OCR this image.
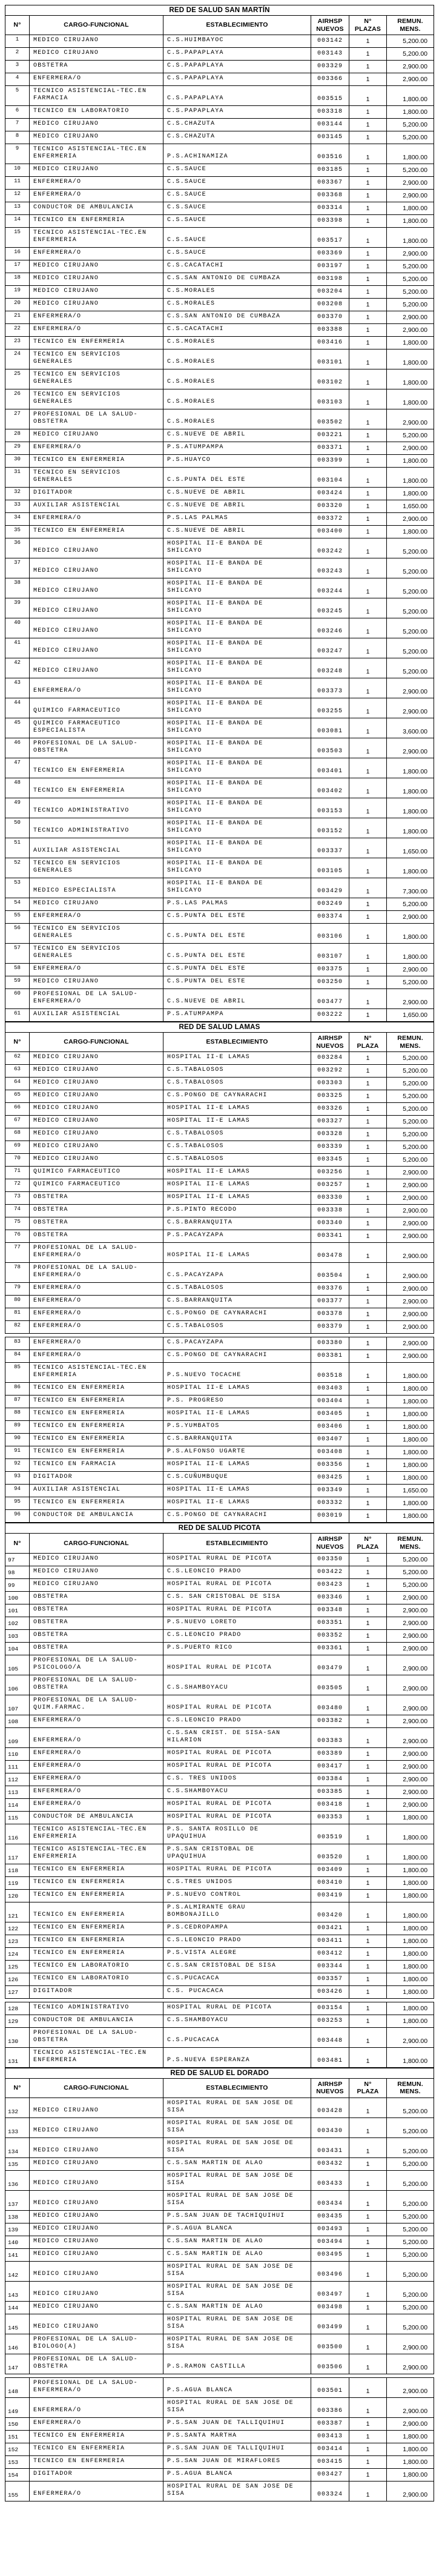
RED DE SALUD SAN MARTÍN					
N°	CARGO-FUNCIONAL	ESTABLECIMIENTO	AIRHSP
NUEVOS	N°
PLAZAS	REMUN.
MENS.
1	MEDICO CIRUJANO	C.S.HUIMBAYOC	003142	1	5,200.00
2	MEDICO CIRUJANO	C.S.PAPAPLAYA	003143	1	5,200.00
3	OBSTETRA	C.S.PAPAPLAYA	003329	1	2,900.00
4	ENFERMERA/O	C.S.PAPAPLAYA	003366	1	2,900.00
5	TECNICO ASISTENCIAL-TEC.EN FARMACIA	C.S.PAPAPLAYA	003515	1	1,800.00
6	TECNICO EN LABORATORIO	C.S.PAPAPLAYA	003318	1	1,800.00
7	MEDICO CIRUJANO	C.S.CHAZUTA	003144	1	5,200.00
8	MEDICO CIRUJANO	C.S.CHAZUTA	003145	1	5,200.00
9	TECNICO ASISTENCIAL-TEC.EN ENFERMERIA	P.S.ACHINAMIZA	003516	1	1,800.00
10	MEDICO CIRUJANO	C.S.SAUCE	003185	1	5,200.00
11	ENFERMERA/O	C.S.SAUCE	003367	1	2,900.00
12	ENFERMERA/O	C.S.SAUCE	003368	1	2,900.00
13	CONDUCTOR DE AMBULANCIA	C.S.SAUCE	003314	1	1,800.00
14	TECNICO EN ENFERMERIA	C.S.SAUCE	003398	1	1,800.00
15	TECNICO ASISTENCIAL-TEC.EN ENFERMERIA	C.S.SAUCE	003517	1	1,800.00
16	ENFERMERA/O	C.S.SAUCE	003369	1	2,900.00
17	MEDICO CIRUJANO	C.S.CACATACHI	003197	1	5,200.00
18	MEDICO CIRUJANO	C.S.SAN ANTONIO DE CUMBAZA	003198	1	5,200.00
19	MEDICO CIRUJANO	C.S.MORALES	003204	1	5,200.00
20	MEDICO CIRUJANO	C.S.MORALES	003208	1	5,200.00
21	ENFERMERA/O	C.S.SAN ANTONIO DE CUMBAZA	003370	1	2,900.00
22	ENFERMERA/O	C.S.CACATACHI	003388	1	2,900.00
23	TECNICO EN ENFERMERIA	C.S.MORALES	003416	1	1,800.00
24	TECNICO EN SERVICIOS GENERALES	C.S.MORALES	003101	1	1,800.00
25	TECNICO EN SERVICIOS GENERALES	C.S.MORALES	003102	1	1,800.00
26	TECNICO EN SERVICIOS GENERALES	C.S.MORALES	003103	1	1,800.00
27	PROFESIONAL DE LA SALUD-OBSTETRA	C.S.MORALES	003502	1	2,900.00
28	MEDICO CIRUJANO	C.S.NUEVE DE ABRIL	003221	1	5,200.00
29	ENFERMERA/O	P.S.ATUMPAMPA	003371	1	2,900.00
30	TECNICO EN ENFERMERIA	P.S.HUAYCO	003399	1	1,800.00
31	TECNICO EN SERVICIOS GENERALES	C.S.PUNTA DEL ESTE	003104	1	1,800.00
32	DIGITADOR	C.S.NUEVE DE ABRIL	003424	1	1,800.00
33	AUXILIAR ASISTENCIAL	C.S.NUEVE DE ABRIL	003320	1	1,650.00
34	ENFERMERA/O	P.S.LAS PALMAS	003372	1	2,900.00
35	TECNICO EN ENFERMERIA	C.S.NUEVE DE ABRIL	003400	1	1,800.00
36	MEDICO CIRUJANO	HOSPITAL II-E BANDA DE SHILCAYO	003242	1	5,200.00
37	MEDICO CIRUJANO	HOSPITAL II-E BANDA DE SHILCAYO	003243	1	5,200.00
38	MEDICO CIRUJANO	HOSPITAL II-E BANDA DE SHILCAYO	003244	1	5,200.00
39	MEDICO CIRUJANO	HOSPITAL II-E BANDA DE SHILCAYO	003245	1	5,200.00
40	MEDICO CIRUJANO	HOSPITAL II-E BANDA DE SHILCAYO	003246	1	5,200.00
41	MEDICO CIRUJANO	HOSPITAL II-E BANDA DE SHILCAYO	003247	1	5,200.00
42	MEDICO CIRUJANO	HOSPITAL II-E BANDA DE SHILCAYO	003248	1	5,200.00
43	ENFERMERA/O	HOSPITAL II-E BANDA DE SHILCAYO	003373	1	2,900.00
44	QUIMICO FARMACEUTICO	HOSPITAL II-E BANDA DE SHILCAYO	003255	1	2,900.00
45	QUIMICO FARMACEUTICO ESPECIALISTA	HOSPITAL II-E BANDA DE SHILCAYO	003081	1	3,600.00
46	PROFESIONAL DE LA SALUD-OBSTETRA	HOSPITAL II-E BANDA DE SHILCAYO	003503	1	2,900.00
47	TECNICO EN ENFERMERIA	HOSPITAL II-E BANDA DE SHILCAYO	003401	1	1,800.00
48	TECNICO EN ENFERMERIA	HOSPITAL II-E BANDA DE SHILCAYO	003402	1	1,800.00
49	TECNICO ADMINISTRATIVO	HOSPITAL II-E BANDA DE SHILCAYO	003153	1	1,800.00
50	TECNICO ADMINISTRATIVO	HOSPITAL II-E BANDA DE SHILCAYO	003152	1	1,800.00
51	AUXILIAR ASISTENCIAL	HOSPITAL II-E BANDA DE SHILCAYO	003337	1	1,650.00
52	TECNICO EN SERVICIOS GENERALES	HOSPITAL II-E BANDA DE SHILCAYO	003105	1	1,800.00
53	MEDICO ESPECIALISTA	HOSPITAL II-E BANDA DE SHILCAYO	003429	1	7,300.00
54	MEDICO CIRUJANO	P.S.LAS PALMAS	003249	1	5,200.00
55	ENFERMERA/O	C.S.PUNTA DEL ESTE	003374	1	2,900.00
56	TECNICO EN SERVICIOS GENERALES	C.S.PUNTA DEL ESTE	003106	1	1,800.00
57	TECNICO EN SERVICIOS GENERALES	C.S.PUNTA DEL ESTE	003107	1	1,800.00
58	ENFERMERA/O	C.S.PUNTA DEL ESTE	003375	1	2,900.00
59	MEDICO CIRUJANO	C.S.PUNTA DEL ESTE	003250	1	5,200.00
60	PROFESIONAL DE LA SALUD-ENFERMERA/O	C.S.NUEVE DE ABRIL	003477	1	2,900.00
61	AUXILIAR ASISTENCIAL	P.S.ATUMPAMPA	003222	1	1,650.00
RED DE SALUD LAMAS					
N°	CARGO-FUNCIONAL	ESTABLECIMIENTO	AIRHSP
NUEVOS	N°
PLAZA	REMUN.
MENS.
62	MEDICO CIRUJANO	HOSPITAL II-E LAMAS	003284	1	5,200.00
63	MEDICO CIRUJANO	C.S.TABALOSOS	003292	1	5,200.00
64	MEDICO CIRUJANO	C.S.TABALOSOS	003303	1	5,200.00
65	MEDICO CIRUJANO	C.S.PONGO DE CAYNARACHI	003325	1	5,200.00
66	MEDICO CIRUJANO	HOSPITAL II-E LAMAS	003326	1	5,200.00
67	MEDICO CIRUJANO	HOSPITAL II-E LAMAS	003327	1	5,200.00
68	MEDICO CIRUJANO	C.S.TABALOSOS	003328	1	5,200.00
69	MEDICO CIRUJANO	C.S.TABALOSOS	003339	1	5,200.00
70	MEDICO CIRUJANO	C.S.TABALOSOS	003345	1	5,200.00
71	QUIMICO FARMACEUTICO	HOSPITAL II-E LAMAS	003256	1	2,900.00
72	QUIMICO FARMACEUTICO	HOSPITAL II-E LAMAS	003257	1	2,900.00
73	OBSTETRA	HOSPITAL II-E LAMAS	003330	1	2,900.00
74	OBSTETRA	P.S.PINTO RECODO	003338	1	2,900.00
75	OBSTETRA	C.S.BARRANQUITA	003340	1	2,900.00
76	OBSTETRA	P.S.PACAYZAPA	003341	1	2,900.00
77	PROFESIONAL DE LA SALUD-ENFERMERA/O	HOSPITAL II-E LAMAS	003478	1	2,900.00
78	PROFESIONAL DE LA SALUD-ENFERMERA/O	C.S.PACAYZAPA	003504	1	2,900.00
79	ENFERMERA/O	C.S.TABALOSOS	003376	1	2,900.00
80	ENFERMERA/O	C.S.BARRANQUITA	003377	1	2,900.00
81	ENFERMERA/O	C.S.PONGO DE CAYNARACHI	003378	1	2,900.00
82	ENFERMERA/O	C.S.TABALOSOS	003379	1	2,900.00

83	ENFERMERA/O	C.S.PACAYZAPA	003380	1	2,900.00
84	ENFERMERA/O	C.S.PONGO DE CAYNARACHI	003381	1	2,900.00
85	TECNICO ASISTENCIAL-TEC.EN ENFERMERIA	P.S.NUEVO TOCACHE	003518	1	1,800.00
86	TECNICO EN ENFERMERIA	HOSPITAL II-E LAMAS	003403	1	1,800.00
87	TECNICO EN ENFERMERIA	P.S. PROGRESO	003404	1	1,800.00
88	TECNICO EN ENFERMERIA	HOSPITAL II-E LAMAS	003405	1	1,800.00
89	TECNICO EN ENFERMERIA	P.S.YUMBATOS	003406	1	1,800.00
90	TECNICO EN ENFERMERIA	C.S.BARRANQUITA	003407	1	1,800.00
91	TECNICO EN ENFERMERIA	P.S.ALFONSO UGARTE	003408	1	1,800.00
92	TECNICO EN FARMACIA	HOSPITAL II-E LAMAS	003356	1	1,800.00
93	DIGITADOR	C.S.CUÑUMBUQUE	003425	1	1,800.00
94	AUXILIAR ASISTENCIAL	HOSPITAL II-E LAMAS	003349	1	1,650.00
95	TECNICO EN ENFERMERIA	HOSPITAL II-E LAMAS	003332	1	1,800.00
96	CONDUCTOR DE AMBULANCIA	C.S.PONGO DE CAYNARACHI	003019	1	1,800.00
RED DE SALUD PICOTA					
N°	CARGO-FUNCIONAL	ESTABLECIMIENTO	AIRHSP
NUEVOS	N°
PLAZA	REMUN.
MENS.
97	MEDICO CIRUJANO	HOSPITAL RURAL DE PICOTA	003350	1	5,200.00
98	MEDICO CIRUJANO	C.S.LEONCIO PRADO	003422	1	5,200.00
99	MEDICO CIRUJANO	HOSPITAL RURAL DE PICOTA	003423	1	5,200.00
100	OBSTETRA	C.S. SAN CRISTOBAL DE SISA	003346	1	2,900.00
101	OBSTETRA	HOSPITAL RURAL DE PICOTA	003348	1	2,900.00
102	OBSTETRA	P.S.NUEVO LORETO	003351	1	2,900.00
103	OBSTETRA	C.S.LEONCIO PRADO	003352	1	2,900.00
104	OBSTETRA	P.S.PUERTO RICO	003361	1	2,900.00
105	PROFESIONAL DE LA SALUD-PSICOLOGO/A	HOSPITAL RURAL DE PICOTA	003479	1	2,900.00
106	PROFESIONAL DE LA SALUD-OBSTETRA	C.S.SHAMBOYACU	003505	1	2,900.00
107	PROFESIONAL DE LA SALUD-QUIM.FARMAC.	HOSPITAL RURAL DE PICOTA	003480	1	2,900.00
108	ENFERMERA/O	C.S.LEONCIO PRADO	003382	1	2,900.00
109	ENFERMERA/O	C.S.SAN CRIST. DE SISA-SAN HILARION	003383	1	2,900.00
110	ENFERMERA/O	HOSPITAL RURAL DE PICOTA	003389	1	2,900.00
111	ENFERMERA/O	HOSPITAL RURAL DE PICOTA	003417	1	2,900.00
112	ENFERMERA/O	C.S. TRES UNIDOS	003384	1	2,900.00
113	ENFERMERA/O	C.S.SHAMBOYACU	003385	1	2,900.00
114	ENFERMERA/O	HOSPITAL RURAL DE PICOTA	003418	1	2,900.00
115	CONDUCTOR DE AMBULANCIA	HOSPITAL RURAL DE PICOTA	003353	1	1,800.00
116	TECNICO ASISTENCIAL-TEC.EN ENFERMERIA	P.S. SANTA ROSILLO DE UPAQUIHUA	003519	1	1,800.00
117	TECNICO ASISTENCIAL-TEC.EN ENFERMERIA	P.S.SAN CRISTOBAL DE UPAQUIHUA	003520	1	1,800.00
118	TECNICO EN ENFERMERIA	HOSPITAL RURAL DE PICOTA	003409	1	1,800.00
119	TECNICO EN ENFERMERIA	C.S.TRES UNIDOS	003410	1	1,800.00
120	TECNICO EN ENFERMERIA	P.S.NUEVO CONTROL	003419	1	1,800.00
121	TECNICO EN ENFERMERIA	P.S.ALMIRANTE GRAU BOMBONAJILLO	003420	1	1,800.00
122	TECNICO EN ENFERMERIA	P.S.CEDROPAMPA	003421	1	1,800.00
123	TECNICO EN ENFERMERIA	C.S.LEONCIO PRADO	003411	1	1,800.00
124	TECNICO EN ENFERMERIA	P.S.VISTA ALEGRE	003412	1	1,800.00
125	TECNICO EN LABORATORIO	C.S.SAN CRISTOBAL DE SISA	003344	1	1,800.00
126	TECNICO EN LABORATORIO	C.S.PUCACACA	003357	1	1,800.00
127	DIGITADOR	C.S. PUCACACA	003426	1	1,800.00

128	TECNICO ADMINISTRATIVO	HOSPITAL RURAL DE PICOTA	003154	1	1,800.00
129	CONDUCTOR DE AMBULANCIA	C.S.SHAMBOYACU	003253	1	1,800.00
130	PROFESIONAL DE LA SALUD-OBSTETRA	C.S.PUCACACA	003448	1	2,900.00
131	TECNICO ASISTENCIAL-TEC.EN ENFERMERIA	P.S.NUEVA ESPERANZA	003481	1	1,800.00
RED DE SALUD EL DORADO					
N°	CARGO-FUNCIONAL	ESTABLECIMIENTO	AIRHSP
NUEVOS	N°
PLAZA	REMUN.
MENS.
132	MEDICO CIRUJANO	HOSPITAL RURAL DE SAN JOSE DE SISA	003428	1	5,200.00
133	MEDICO CIRUJANO	HOSPITAL RURAL DE SAN JOSE DE SISA	003430	1	5,200.00
134	MEDICO CIRUJANO	HOSPITAL RURAL DE SAN JOSE DE SISA	003431	1	5,200.00
135	MEDICO CIRUJANO	C.S.SAN MARTIN DE ALAO	003432	1	5,200.00
136	MEDICO CIRUJANO	HOSPITAL RURAL DE SAN JOSE DE SISA	003433	1	5,200.00
137	MEDICO CIRUJANO	HOSPITAL RURAL DE SAN JOSE DE SISA	003434	1	5,200.00
138	MEDICO CIRUJANO	P.S.SAN JUAN DE TACHIQUIHUI	003435	1	5,200.00
139	MEDICO CIRUJANO	P.S.AGUA BLANCA	003493	1	5,200.00
140	MEDICO CIRUJANO	C.S.SAN MARTIN DE ALAO	003494	1	5,200.00
141	MEDICO CIRUJANO	C.S.SAN MARTIN DE ALAO	003495	1	5,200.00
142	MEDICO CIRUJANO	HOSPITAL RURAL DE SAN JOSE DE SISA	003496	1	5,200.00
143	MEDICO CIRUJANO	HOSPITAL RURAL DE SAN JOSE DE SISA	003497	1	5,200.00
144	MEDICO CIRUJANO	C.S.SAN MARTIN DE ALAO	003498	1	5,200.00
145	MEDICO CIRUJANO	HOSPITAL RURAL DE SAN JOSE DE SISA	003499	1	5,200.00
146	PROFESIONAL DE LA SALUD-BIOLOGO(A)	HOSPITAL RURAL DE SAN JOSE DE SISA	003500	1	2,900.00
147	PROFESIONAL DE LA SALUD-OBSTETRA	P.S.RAMON CASTILLA	003506	1	2,900.00

148	PROFESIONAL DE LA SALUD-ENFERMERA/O	P.S.AGUA BLANCA	003501	1	2,900.00
149	ENFERMERA/O	HOSPITAL RURAL DE SAN JOSE DE SISA	003386	1	2,900.00
150	ENFERMERA/O	P.S.SAN JUAN DE TALLIQUIHUI	003387	1	2,900.00
151	TECNICO EN ENFERMERIA	P.S.SANTA MARTHA	003413	1	1,800.00
152	TECNICO EN ENFERMERIA	P.S.SAN JUAN DE TALLIQUIHUI	003414	1	1,800.00
153	TECNICO EN ENFERMERIA	P.S.SAN JUAN DE MIRAFLORES	003415	1	1,800.00
154	DIGITADOR	P.S.AGUA BLANCA	003427	1	1,800.00
155	ENFERMERA/O	HOSPITAL RURAL DE SAN JOSE DE SISA	003324	1	2,900.00
